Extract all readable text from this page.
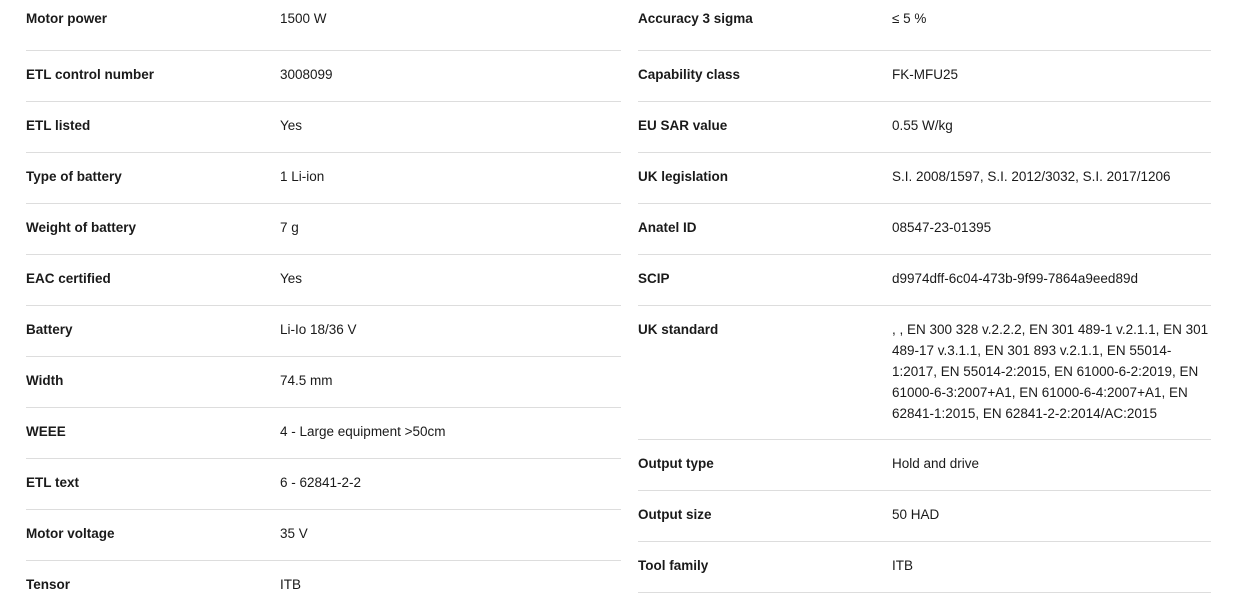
Motor power	1500 W
ETL control number	3008099
ETL listed	Yes
Type of battery	1 Li-ion
Weight of battery	7 g
EAC certified	Yes
Battery	Li-Io 18/36 V
Width	74.5 mm
WEEE	4 - Large equipment >50cm
ETL text	6 - 62841-2-2
Motor voltage	35 V
Tensor	ITB
Accuracy 3 sigma	≤ 5 %
Capability class	FK-MFU25
EU SAR value	0.55 W/kg
UK legislation	S.I. 2008/1597, S.I. 2012/3032, S.I. 2017/1206
Anatel ID	08547-23-01395
SCIP	d9974dff-6c04-473b-9f99-7864a9eed89d
UK standard	, , EN 300 328 v.2.2.2, EN 301 489-1 v.2.1.1, EN 301 489-17 v.3.1.1, EN 301 893 v.2.1.1, EN 55014-1:2017, EN 55014-2:2015, EN 61000-6-2:2019, EN 61000-6-3:2007+A1, EN 61000-6-4:2007+A1, EN 62841-1:2015, EN 62841-2-2:2014/AC:2015
Output type	Hold and drive
Output size	50 HAD
Tool family	ITB
